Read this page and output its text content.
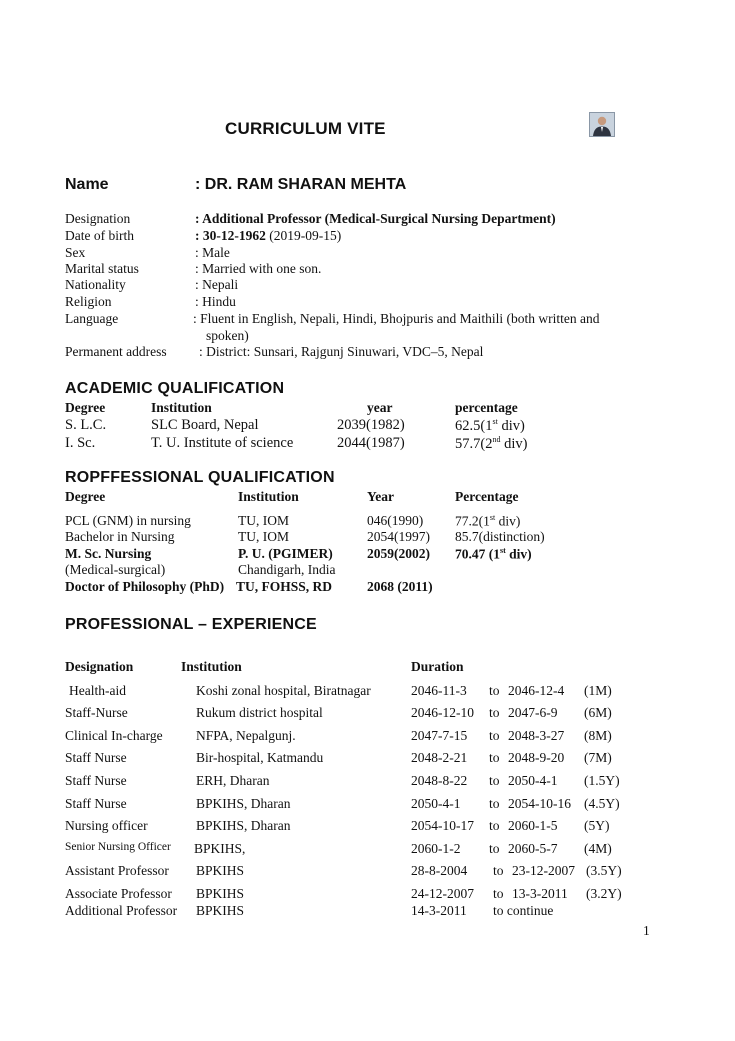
CURRICULUM VITE
Name	: DR. RAM SHARAN MEHTA
Designation	: Additional Professor (Medical-Surgical Nursing Department)
Date of birth	: 30-12-1962 (2019-09-15)
Sex	: Male
Marital status	: Married with one son.
Nationality	: Nepali
Religion	: Hindu
Language	: Fluent in English, Nepali, Hindi, Bhojpuris and Maithili (both written and
spoken)
Permanent address : District: Sunsari, Rajgunj Sinuwari, VDC–5, Nepal
ACADEMIC QUALIFICATION
Degree	Institution	year	percentage
S. L.C.	SLC Board, Nepal	2039(1982)	62.5(1st div)
I. Sc.	T. U. Institute of science	2044(1987)	57.7(2nd div)
ROPFFESSIONAL QUALIFICATION
Degree	Institution	Year	Percentage
PCL (GNM) in nursing	TU, IOM	046(1990) 77.2(1st div)
Bachelor in Nursing	TU, IOM	2054(1997) 85.7(distinction)
M. Sc. Nursing	P. U. (PGIMER)	2059(2002) 70.47 (1st div)
(Medical-surgical)	Chandigarh, India
Doctor of Philosophy (PhD) TU, FOHSS, RD	2068 (2011)
PROFESSIONAL – EXPERIENCE
Designation	Institution	Duration
Health-aid	Koshi zonal hospital, Biratnagar	2046-11-3 to 2046-12-4 (1M)
Staff-Nurse	Rukum district hospital	2046-12-10 to 2047-6-9 (6M)
Clinical In-charge NFPA, Nepalgunj.	2047-7-15 to 2048-3-27 (8M)
Staff Nurse	Bir-hospital, Katmandu	2048-2-21 to 2048-9-20 (7M)
Staff Nurse	ERH, Dharan	2048-8-22 to 2050-4-1 (1.5Y)
Staff Nurse	BPKIHS, Dharan	2050-4-1 to 2054-10-16 (4.5Y)
Nursing officer	BPKIHS, Dharan	2054-10-17 to 2060-1-5 (5Y)
Senior Nursing Officer BPKIHS,	2060-1-2 to 2060-5-7 (4M)
Assistant Professor BPKIHS	28-8-2004 to 23-12-2007 (3.5Y)
Associate Professor BPKIHS	24-12-2007 to 13-3-2011 (3.2Y)
Additional Professor BPKIHS	14-3-2011 to continue
1
